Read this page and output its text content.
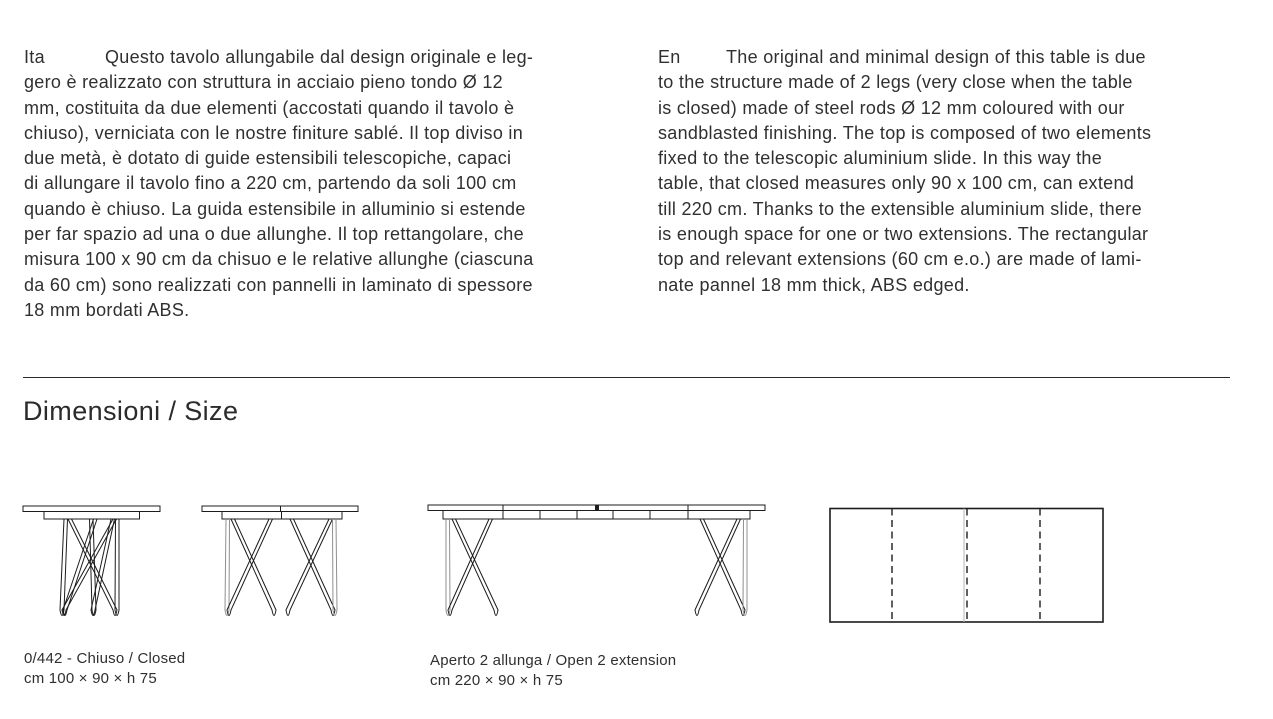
Ita	Questo tavolo allungabile dal design originale e leg-
gero è realizzato con struttura in acciaio pieno tondo Ø 12
mm, costituita da due elementi (accostati quando il tavolo è
chiuso), verniciata con le nostre finiture sablé. Il top diviso in
due metà, è dotato di guide estensibili telescopiche, capaci
di allungare il tavolo fino a 220 cm, partendo da soli 100 cm
quando è chiuso. La guida estensibile in alluminio si estende
per far spazio ad una o due allunghe. Il top rettangolare, che
misura 100 x 90 cm da chisuo e le relative allunghe (ciascuna
da 60 cm) sono realizzati con pannelli in laminato di spessore
18 mm bordati ABS.
En	The original and minimal design of this table is due
to the structure made of 2 legs (very close when the table
is closed) made of steel rods Ø 12 mm coloured with our
sandblasted finishing. The top is composed of two elements
fixed to the telescopic aluminium slide. In this way the
table, that closed measures only 90 x 100 cm, can extend
till 220 cm. Thanks to the extensible aluminium slide, there
is enough space for one or two extensions. The rectangular
top and relevant extensions (60 cm e.o.) are made of lami-
nate pannel 18 mm thick, ABS edged.
Dimensioni / Size
0/442 - Chiuso / Closed
cm 100 × 90 × h 75
Aperto 2 allunga / Open 2 extension
cm 220 × 90 × h 75
